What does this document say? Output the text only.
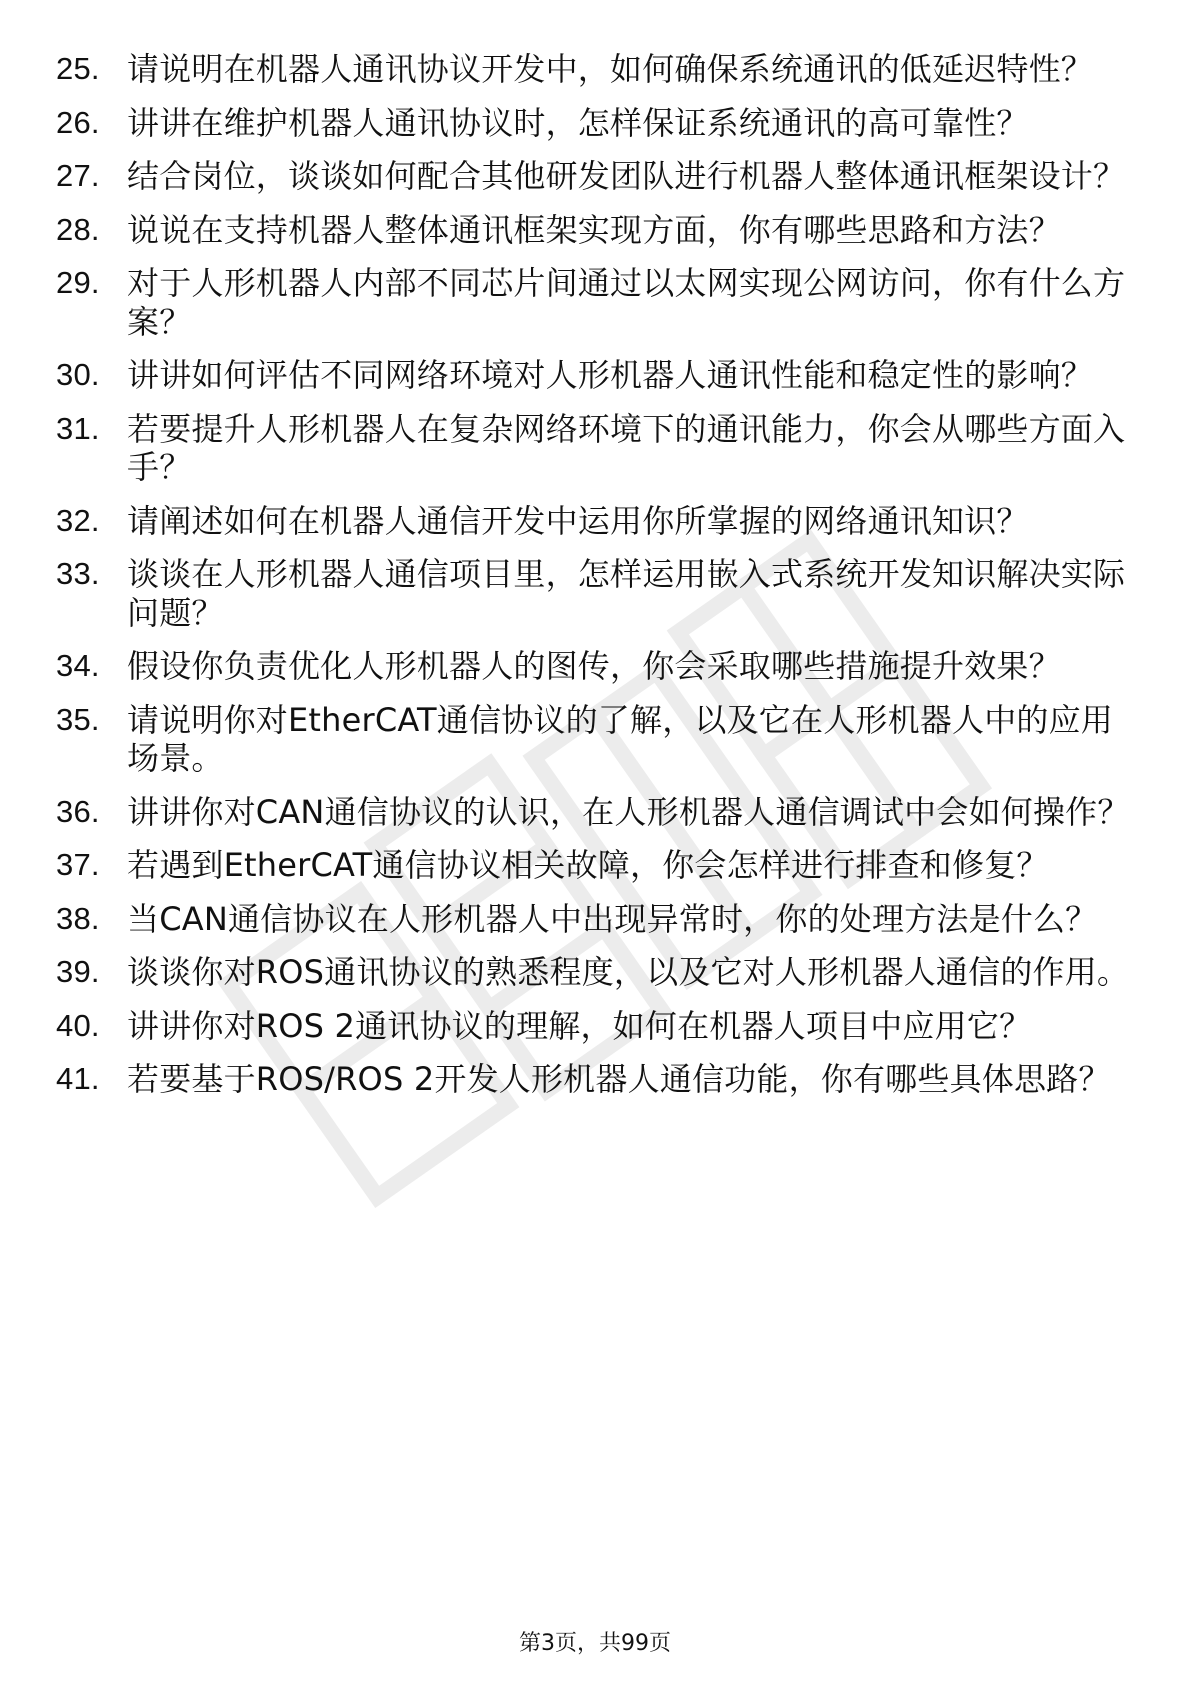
25. 请说明在机器人通讯协议开发中，如何确保系统通讯的低延迟特性？
26. 讲讲在维护机器人通讯协议时，怎样保证系统通讯的高可靠性？
27. 结合岗位，谈谈如何配合其他研发团队进行机器人整体通讯框架设计？
28. 说说在支持机器人整体通讯框架实现方面，你有哪些思路和方法？
29. 对于人形机器人内部不同芯片间通过以太网实现公网访问，你有什么方案？
30. 讲讲如何评估不同网络环境对人形机器人通讯性能和稳定性的影响？
31. 若要提升人形机器人在复杂网络环境下的通讯能力，你会从哪些方面入手？
32. 请阐述如何在机器人通信开发中运用你所掌握的网络通讯知识？
33. 谈谈在人形机器人通信项目里，怎样运用嵌入式系统开发知识解决实际问题？
34. 假设你负责优化人形机器人的图传，你会采取哪些措施提升效果？
35. 请说明你对EtherCAT通信协议的了解，以及它在人形机器人中的应用场景。
36. 讲讲你对CAN通信协议的认识，在人形机器人通信调试中会如何操作？
37. 若遇到EtherCAT通信协议相关故障，你会怎样进行排查和修复？
38. 当CAN通信协议在人形机器人中出现异常时，你的处理方法是什么？
39. 谈谈你对ROS通讯协议的熟悉程度，以及它对人形机器人通信的作用。
40. 讲讲你对ROS 2通讯协议的理解，如何在机器人项目中应用它？
41. 若要基于ROS/ROS 2开发人形机器人通信功能，你有哪些具体思路？
第3页，共99页
